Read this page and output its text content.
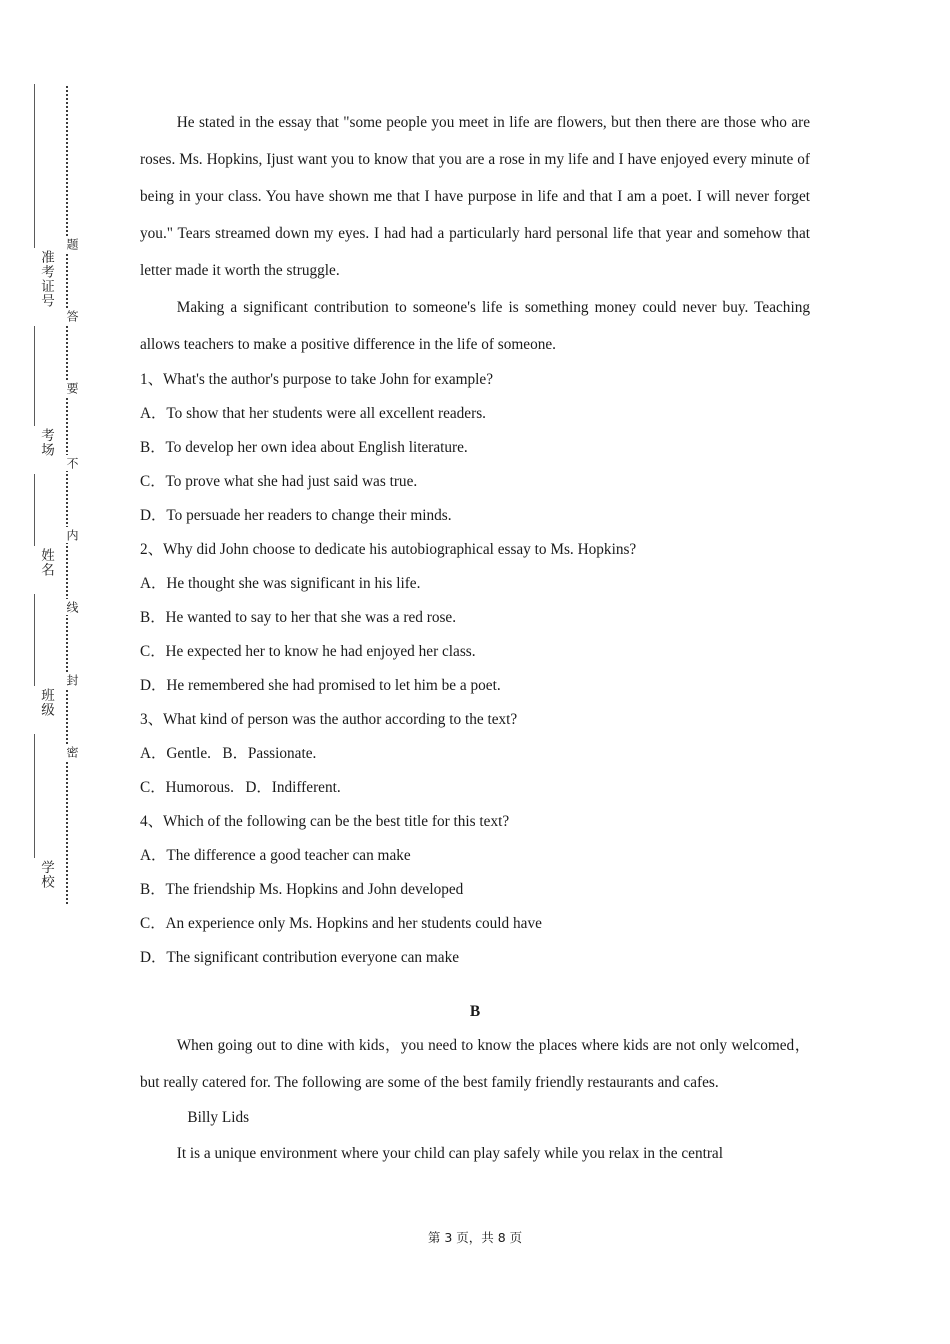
准考证号
考场
姓名
班级
学校
题
答
要
不
内
线
封
密

He stated in the essay that "some people you meet in life are flowers, but then there are those who are roses. Ms. Hopkins, Ijust want you to know that you are a rose in my life and I have enjoyed every minute of being in your class. You have shown me that I have purpose in life and that I am a poet. I will never forget you." Tears streamed down my eyes. I had had a particularly hard personal life that year and somehow that letter made it worth the struggle.

Making a significant contribution to someone's life is something money could never buy. Teaching allows teachers to make a positive difference in the life of someone.

1、What's the author's purpose to take John for example?

A．To show that her students were all excellent readers.

B．To develop her own idea about English literature.

C．To prove what she had just said was true.

D．To persuade her readers to change their minds.

2、Why did John choose to dedicate his autobiographical essay to Ms. Hopkins?

A．He thought she was significant in his life.

B．He wanted to say to her that she was a red rose.

C．He expected her to know he had enjoyed her class.

D．He remembered she had promised to let him be a poet.

3、What kind of person was the author according to the text?

A．Gentle.   B．Passionate.

C．Humorous.   D．Indifferent.

4、Which of the following can be the best title for this text?

A．The difference a good teacher can make

B．The friendship Ms. Hopkins and John developed

C．An experience only Ms. Hopkins and her students could have

D．The significant contribution everyone can make

B

When going out to dine with kids，you need to know the places where kids are not only welcomed，but really catered for. The following are some of the best family friendly restaurants and cafes.

Billy Lids

It is a unique environment where your child can play safely while you relax in the central

第 3 页，共 8 页
